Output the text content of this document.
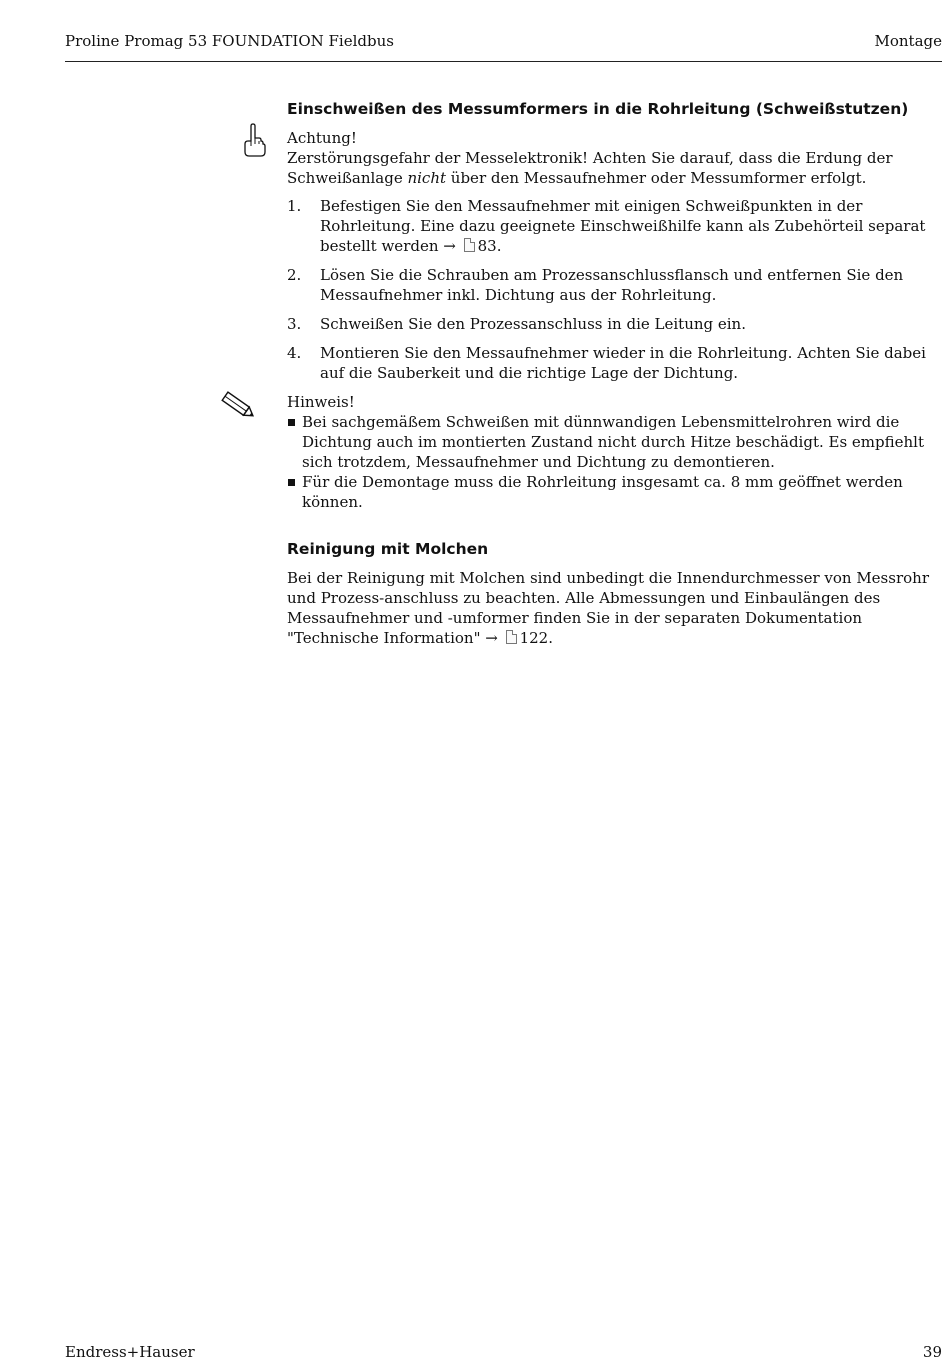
Proline Promag 53 FOUNDATION Fieldbus	Montage
Einschweißen des Messumformers in die Rohrleitung (Schweißstutzen)

Achtung!

Zerstörungsgefahr der Messelektronik! Achten Sie darauf, dass die Erdung der Schweißanlage nicht über den Messaufnehmer oder Messumformer erfolgt.

1. Befestigen Sie den Messaufnehmer mit einigen Schweißpunkten in der Rohrleitung. Eine dazu geeignete Einschweißhilfe kann als Zubehörteil separat bestellt werden → 83.
2. Lösen Sie die Schrauben am Prozessanschlussflansch und entfernen Sie den Messaufnehmer inkl. Dichtung aus der Rohrleitung.
3. Schweißen Sie den Prozessanschluss in die Leitung ein.
4. Montieren Sie den Messaufnehmer wieder in die Rohrleitung. Achten Sie dabei auf die Sauberkeit und die richtige Lage der Dichtung.

Hinweis!

Bei sachgemäßem Schweißen mit dünnwandigen Lebensmittelrohren wird die Dichtung auch im montierten Zustand nicht durch Hitze beschädigt. Es empfiehlt sich trotzdem, Messaufnehmer und Dichtung zu demontieren.
Für die Demontage muss die Rohrleitung insgesamt ca. 8 mm geöffnet werden können.
Reinigung mit Molchen

Bei der Reinigung mit Molchen sind unbedingt die Innendurchmesser von Messrohr und Prozess-anschluss zu beachten. Alle Abmessungen und Einbaulängen des Messaufnehmer und -umformer finden Sie in der separaten Dokumentation "Technische Information" → 122.

Endress+Hauser	39
